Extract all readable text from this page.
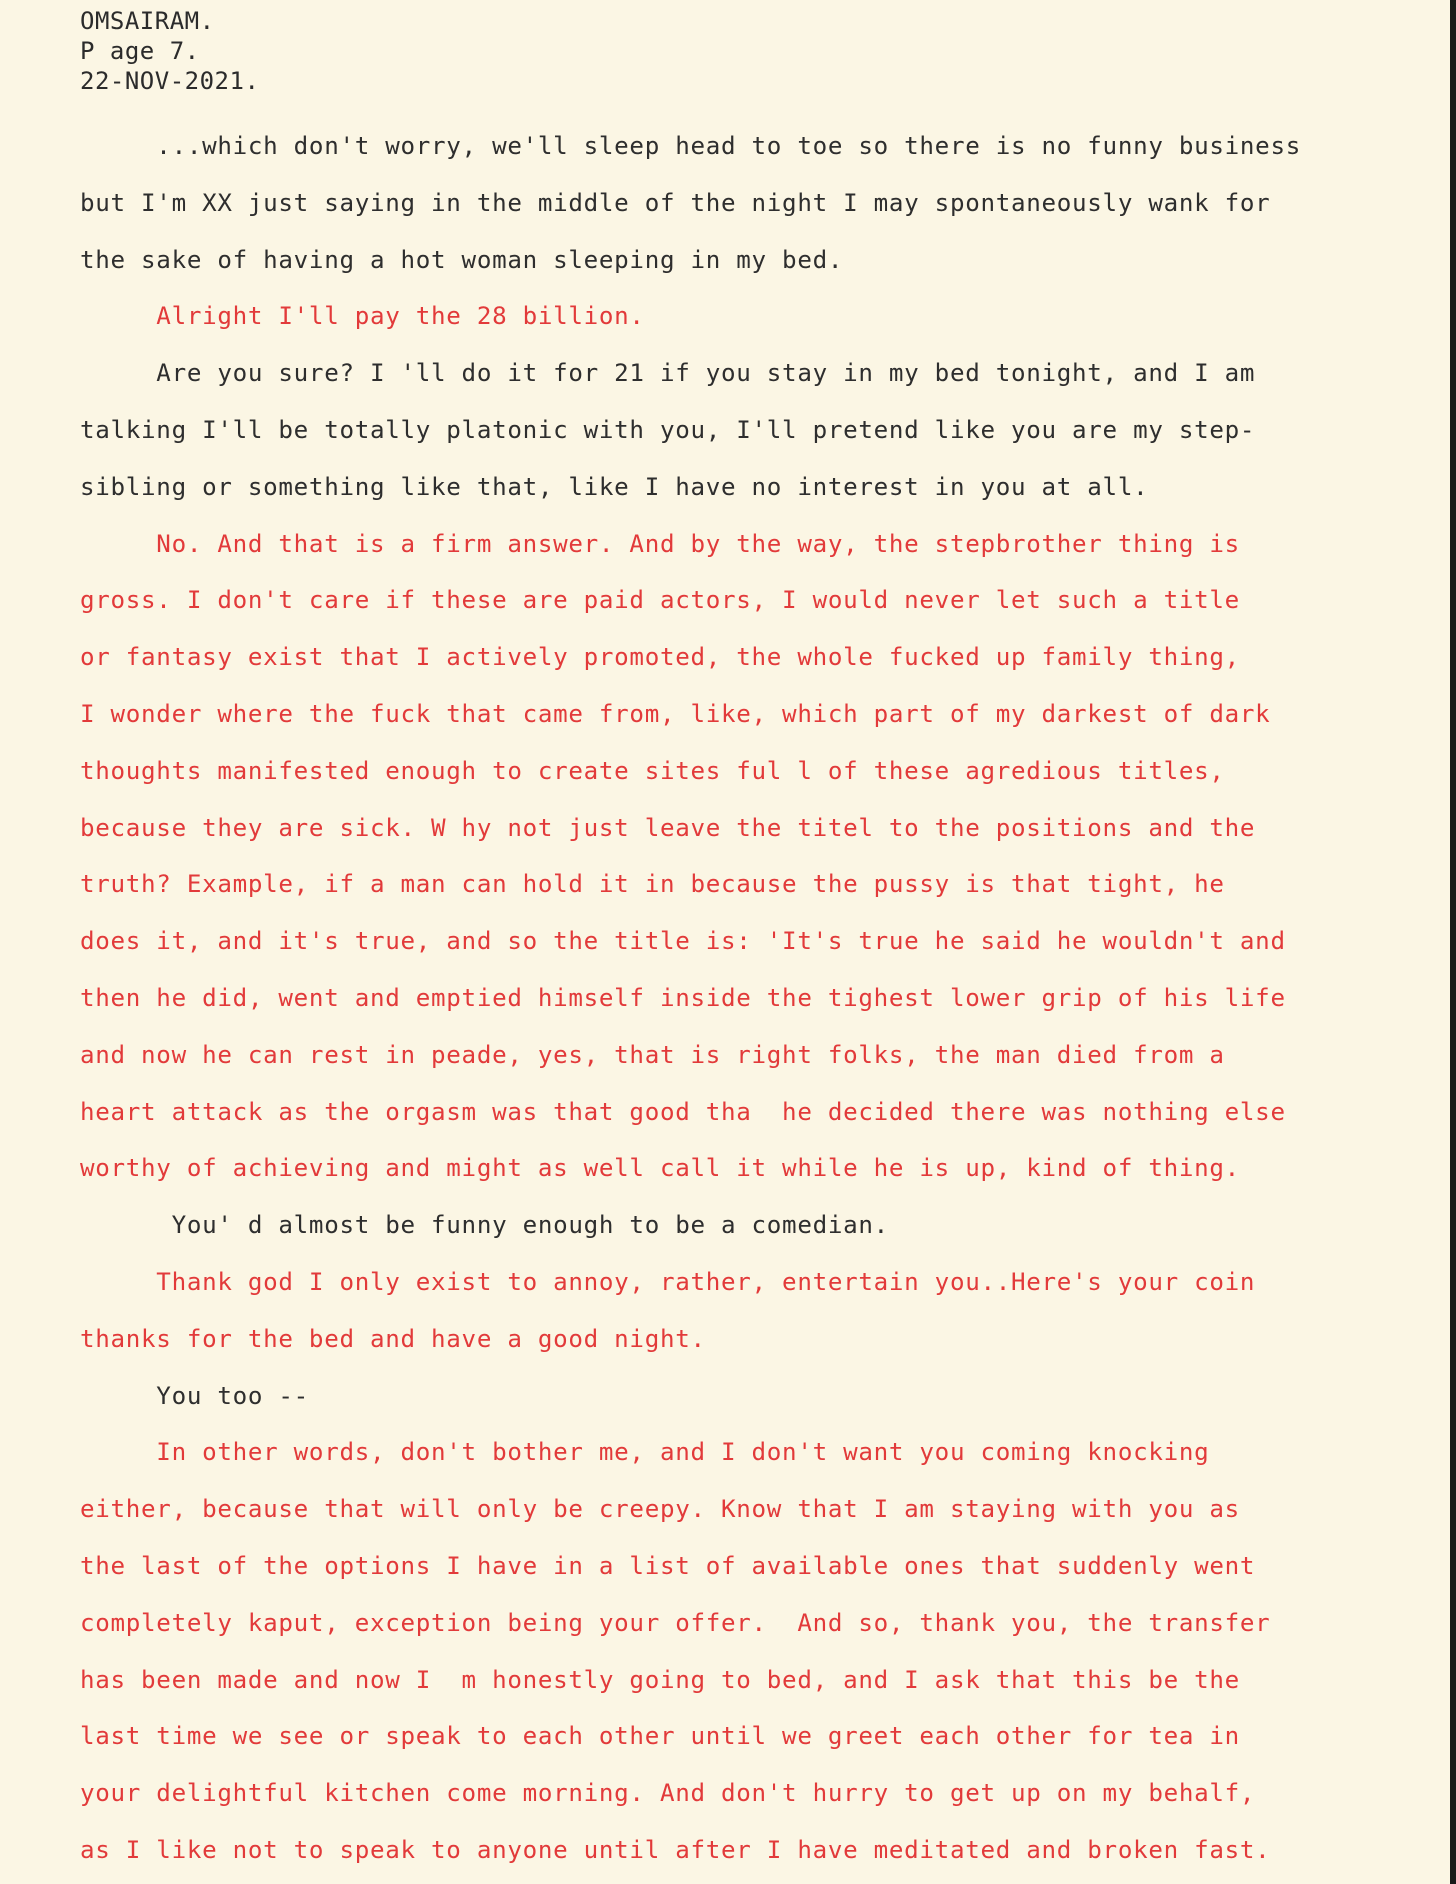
OMSAIRAM.
P age 7.
22-NOV-2021.
...which don't worry, we'll sleep head to toe so there is no funny business
but I'm XX just saying in the middle of the night I may spontaneously wank for
the sake of having a hot woman sleeping in my bed.
Alright I'll pay the 28 billion.
Are you sure? I 'll do it for 21 if you stay in my bed tonight, and I am
talking I'll be totally platonic with you, I'll pretend like you are my step-
sibling or something like that, like I have no interest in you at all.
No. And that is a firm answer. And by the way, the stepbrother thing is
gross. I don't care if these are paid actors, I would never let such a title
or fantasy exist that I actively promoted, the whole fucked up family thing,
I wonder where the fuck that came from, like, which part of my darkest of dark
thoughts manifested enough to create sites ful l of these agredious titles,
because they are sick. W hy not just leave the titel to the positions and the
truth? Example, if a man can hold it in because the pussy is that tight, he
does it, and it's true, and so the title is: 'It's true he said he wouldn't and
then he did, went and emptied himself inside the tighest lower grip of his life
and now he can rest in peade, yes, that is right folks, the man died from a
heart attack as the orgasm was that good tha  he decided there was nothing else
worthy of achieving and might as well call it while he is up, kind of thing.
You' d almost be funny enough to be a comedian.
Thank god I only exist to annoy, rather, entertain you..Here's your coin
thanks for the bed and have a good night.
You too --
In other words, don't bother me, and I don't want you coming knocking
either, because that will only be creepy. Know that I am staying with you as
the last of the options I have in a list of available ones that suddenly went
completely kaput, exception being your offer.  And so, thank you, the transfer
has been made and now I  m honestly going to bed, and I ask that this be the
last time we see or speak to each other until we greet each other for tea in
your delightful kitchen come morning. And don't hurry to get up on my behalf,
as I like not to speak to anyone until after I have meditated and broken fast.
